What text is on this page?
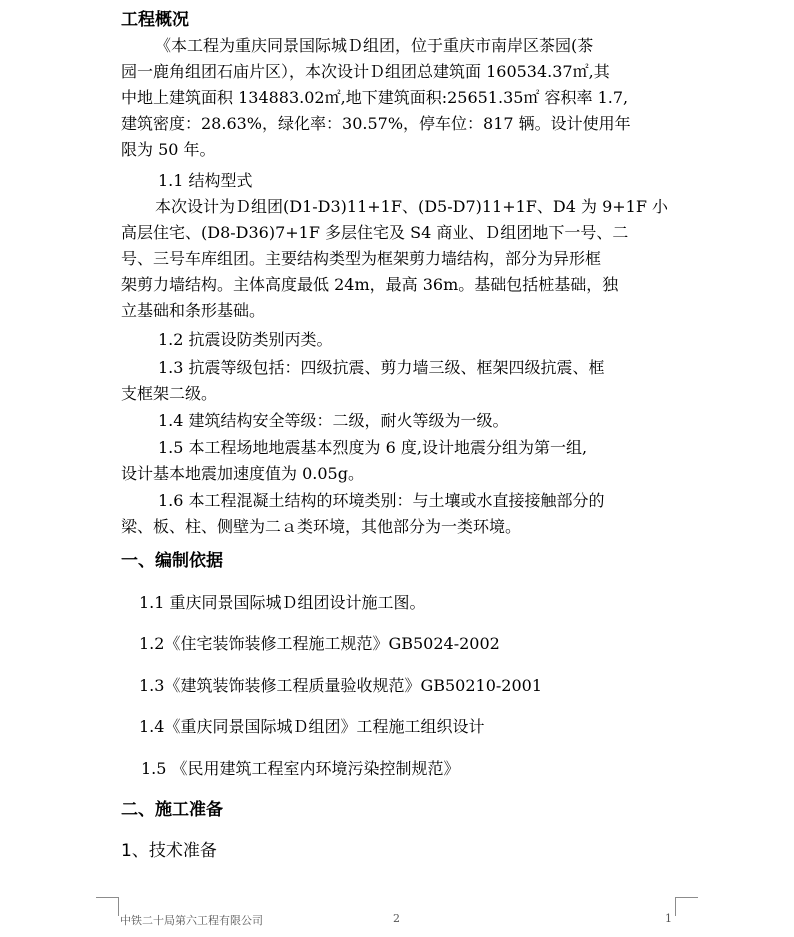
工程概况

《本工程为重庆同景国际城Ｄ组团，位于重庆市南岸区茶园(茶

园一鹿角组团石庙片区），本次设计Ｄ组团总建筑面 160534.37㎡,其

中地上建筑面积 134883.02㎡,地下建筑面积:25651.35㎡ 容积率 1.7,

建筑密度：28.63%，绿化率：30.57%，停车位：817 辆。设计使用年

限为 50 年。

1.1 结构型式

本次设计为Ｄ组团(D1-D3)11+1F、(D5-D7)11+1F、D4 为 9+1F 小

高层住宅、(D8-D36)7+1F 多层住宅及 S4 商业、Ｄ组团地下一号、二

号、三号车库组团。主要结构类型为框架剪力墙结构，部分为异形框

架剪力墙结构。主体高度最低 24m，最高 36m。基础包括桩基础，独

立基础和条形基础。

1.2 抗震设防类别丙类。

1.3 抗震等级包括：四级抗震、剪力墙三级、框架四级抗震、框

支框架二级。

1.4 建筑结构安全等级：二级，耐火等级为一级。

1.5 本工程场地地震基本烈度为 6 度,设计地震分组为第一组,

设计基本地震加速度值为 0.05g。

1.6 本工程混凝土结构的环境类别：与土壤或水直接接触部分的

梁、板、柱、侧壁为二ａ类环境，其他部分为一类环境。

一、编制依据

1.1 重庆同景国际城Ｄ组团设计施工图。

1.2《住宅装饰装修工程施工规范》GB5024-2002

1.3《建筑装饰装修工程质量验收规范》GB50210-2001

1.4《重庆同景国际城Ｄ组团》工程施工组织设计

1.5 《民用建筑工程室内环境污染控制规范》

二、施工准备

1、技术准备

中铁二十局第六工程有限公司	2	1
